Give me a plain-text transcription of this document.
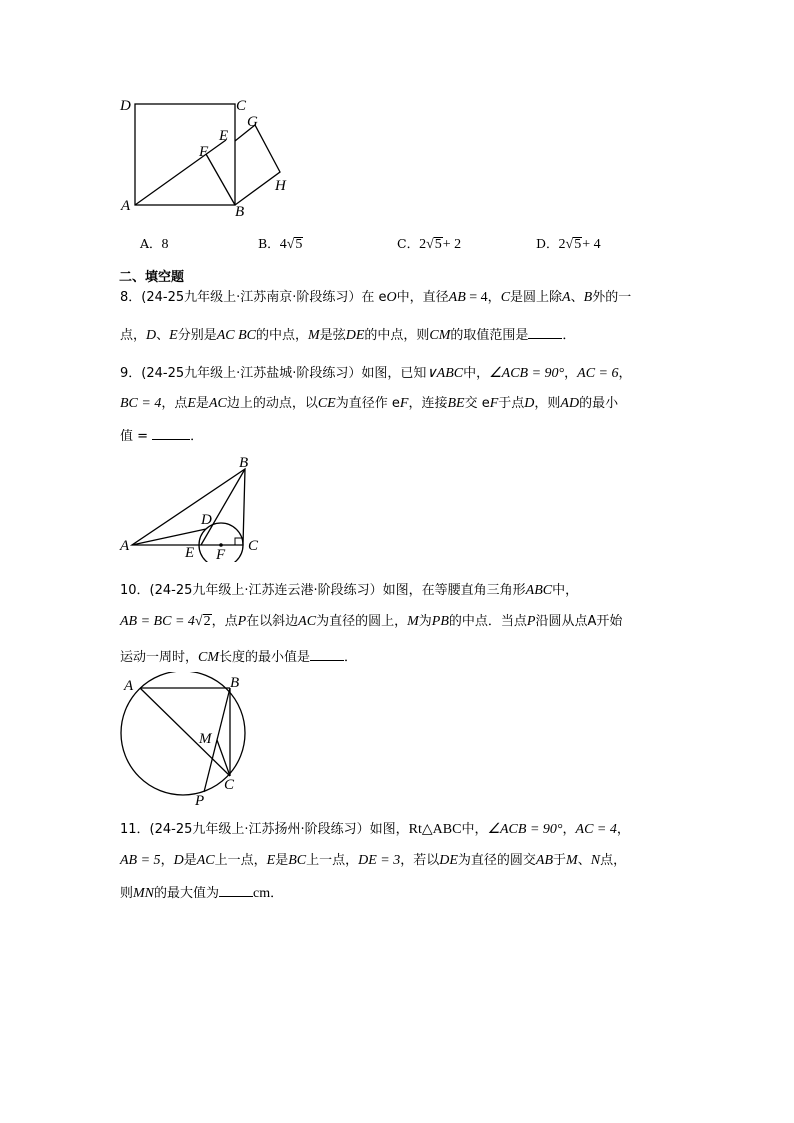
D	C
E
F
G
H
A	B
A．8	B．4√5	C．2√5+ 2	D．2√5+ 4
二、填空题
8．(24-25九年级上·江苏南京·阶段练习）在 eO中，直径AB = 4，C是圆上除A、B外的一
点，D、E分别是AC BC的中点，M是弦DE的中点，则CM的取值范围是	．
9．(24-25九年级上·江苏盐城·阶段练习）如图，已知∨ABC中，∠ACB = 90°，AC = 6，
BC = 4，点E是AC边上的动点，以CE为直径作 eF，连接BE交 eF于点D，则AD的最小
值 =	．
B
A
D
E F
C
10．(24-25九年级上·江苏连云港·阶段练习）如图，在等腰直角三角形ABC中，
AB = BC = 4√2，点P在以斜边AC为直径的圆上，M为PB的中点．当点P沿圆从点A开始
运动一周时，CM长度的最小值是	．
A	B
M
C
P
11．(24-25九年级上·江苏扬州·阶段练习）如图，Rt△ABC中，∠ACB = 90°，AC = 4，
AB = 5，D是AC上一点，E是BC上一点，DE = 3，若以DE为直径的圆交AB于M、N点，
则MN的最大值为 cm．
